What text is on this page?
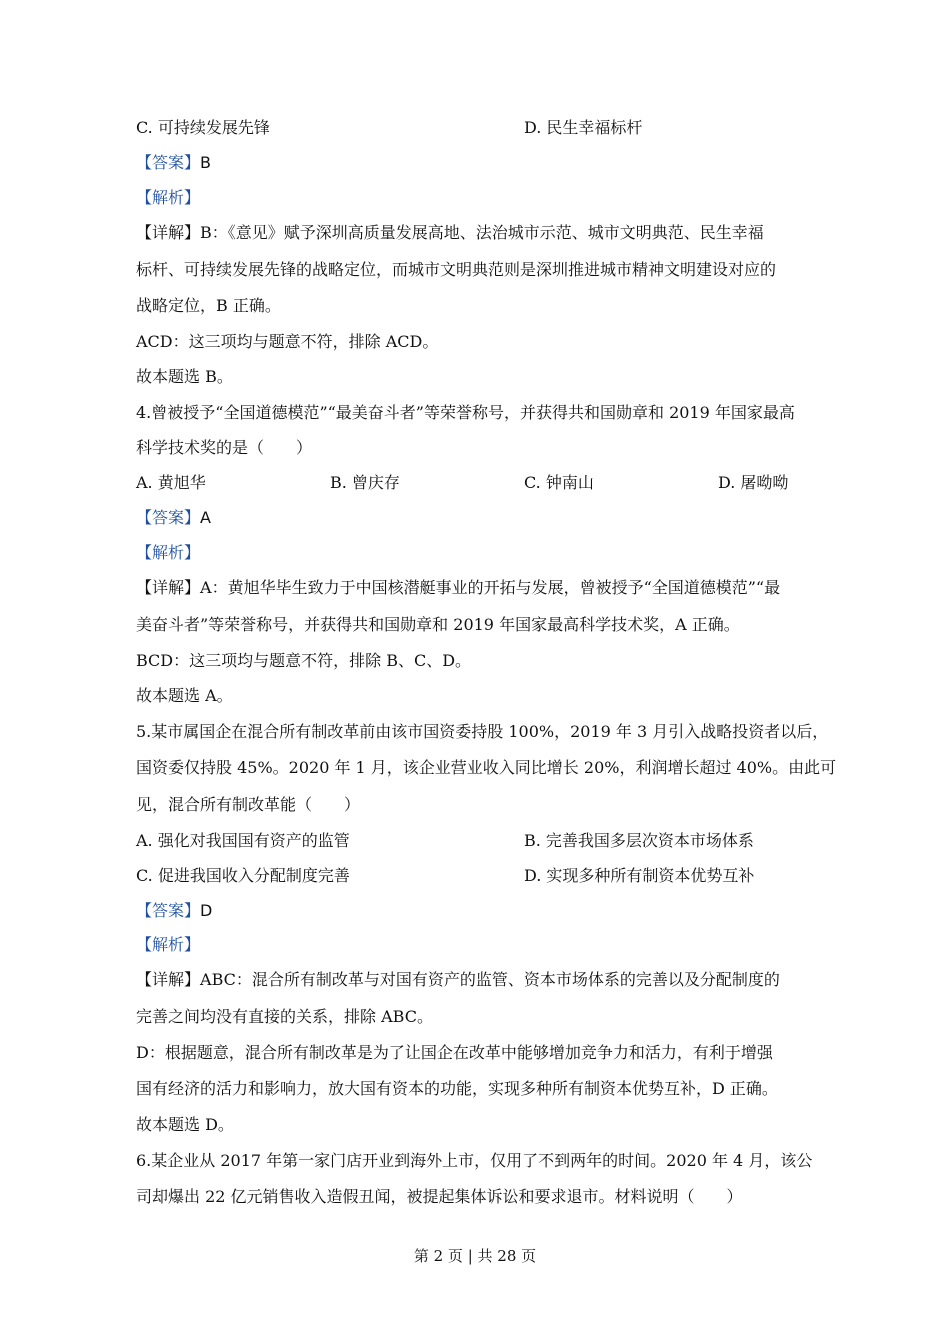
C. 可持续发展先锋	D. 民生幸福标杆
【答案】B
【解析】
【详解】B：《意见》赋予深圳高质量发展高地、法治城市示范、城市文明典范、民生幸福
标杆、可持续发展先锋的战略定位，而城市文明典范则是深圳推进城市精神文明建设对应的
战略定位，B 正确。
ACD：这三项均与题意不符，排除 ACD。
故本题选 B。
4.曾被授予“全国道德模范”“最美奋斗者”等荣誉称号，并获得共和国勋章和 2019 年国家最高
科学技术奖的是（　　）
A. 黄旭华	B. 曾庆存	C. 钟南山	D. 屠呦呦
【答案】A
【解析】
【详解】A：黄旭华毕生致力于中国核潜艇事业的开拓与发展，曾被授予“全国道德模范”“最
美奋斗者”等荣誉称号，并获得共和国勋章和 2019 年国家最高科学技术奖，A 正确。
BCD：这三项均与题意不符，排除 B、C、D。
故本题选 A。
5.某市属国企在混合所有制改革前由该市国资委持股 100%，2019 年 3 月引入战略投资者以后，
国资委仅持股 45%。2020 年 1 月，该企业营业收入同比增长 20%，利润增长超过 40%。由此可
见，混合所有制改革能（　　）
A. 强化对我国国有资产的监管	B. 完善我国多层次资本市场体系
C. 促进我国收入分配制度完善	D. 实现多种所有制资本优势互补
【答案】D
【解析】
【详解】ABC：混合所有制改革与对国有资产的监管、资本市场体系的完善以及分配制度的
完善之间均没有直接的关系，排除 ABC。
D：根据题意，混合所有制改革是为了让国企在改革中能够增加竞争力和活力，有利于增强
国有经济的活力和影响力，放大国有资本的功能，实现多种所有制资本优势互补，D 正确。
故本题选 D。
6.某企业从 2017 年第一家门店开业到海外上市，仅用了不到两年的时间。2020 年 4 月，该公
司却爆出 22 亿元销售收入造假丑闻，被提起集体诉讼和要求退市。材料说明（　　）
第 2 页 | 共 28 页
